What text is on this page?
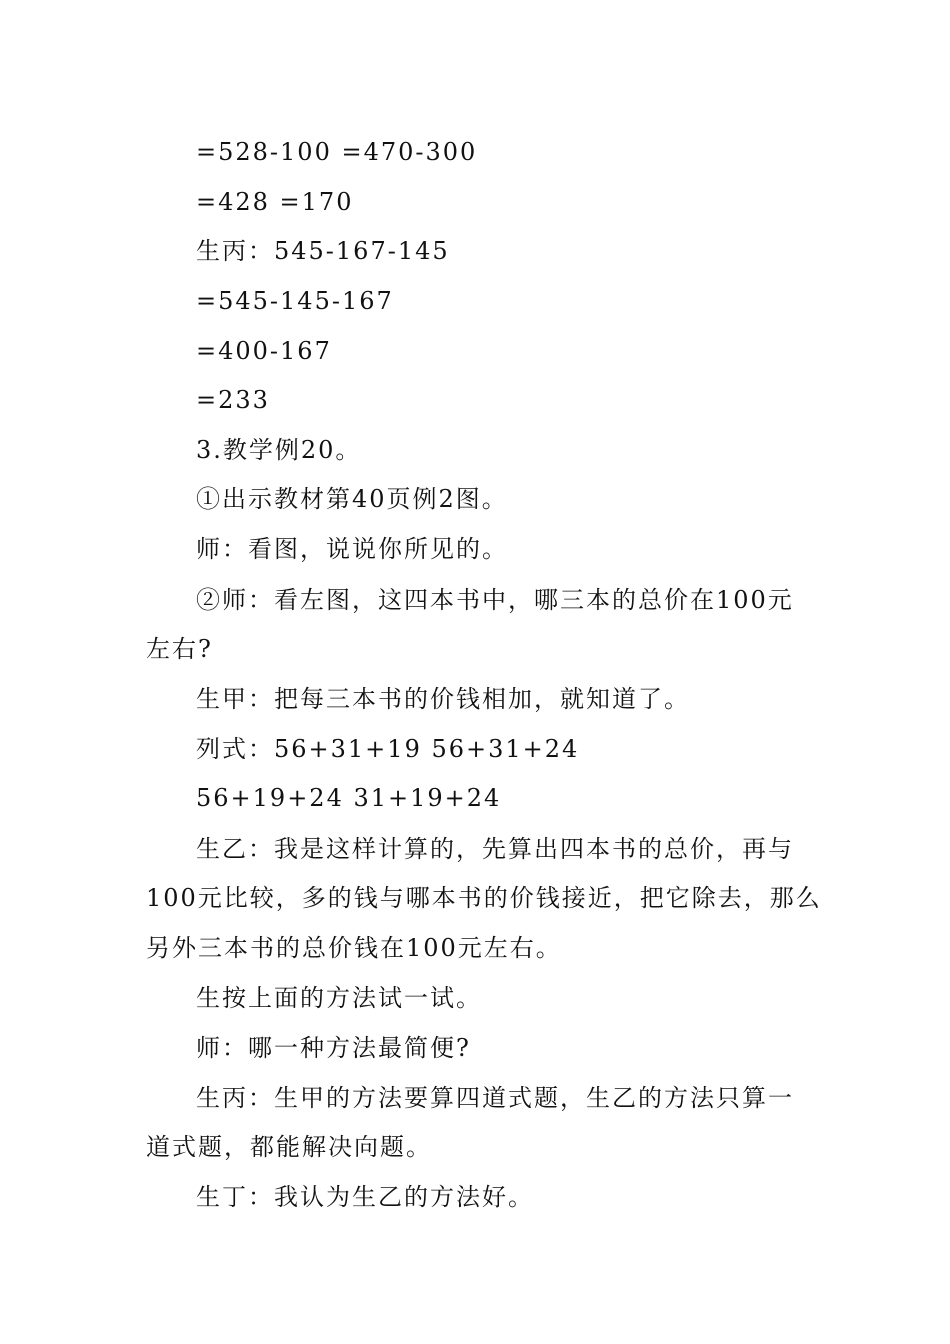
=528-100 =470-300
=428 =170
生丙：545-167-145
=545-145-167
=400-167
=233
3.教学例20。
①出示教材第40页例2图。
师：看图，说说你所见的。
②师：看左图，这四本书中，哪三本的总价在100元
左右?
生甲：把每三本书的价钱相加，就知道了。
列式：56+31+19 56+31+24
56+19+24 31+19+24
生乙：我是这样计算的，先算出四本书的总价，再与
100元比较，多的钱与哪本书的价钱接近，把它除去，那么
另外三本书的总价钱在100元左右。
生按上面的方法试一试。
师：哪一种方法最简便?
生丙：生甲的方法要算四道式题，生乙的方法只算一
道式题，都能解决向题。
生丁：我认为生乙的方法好。
